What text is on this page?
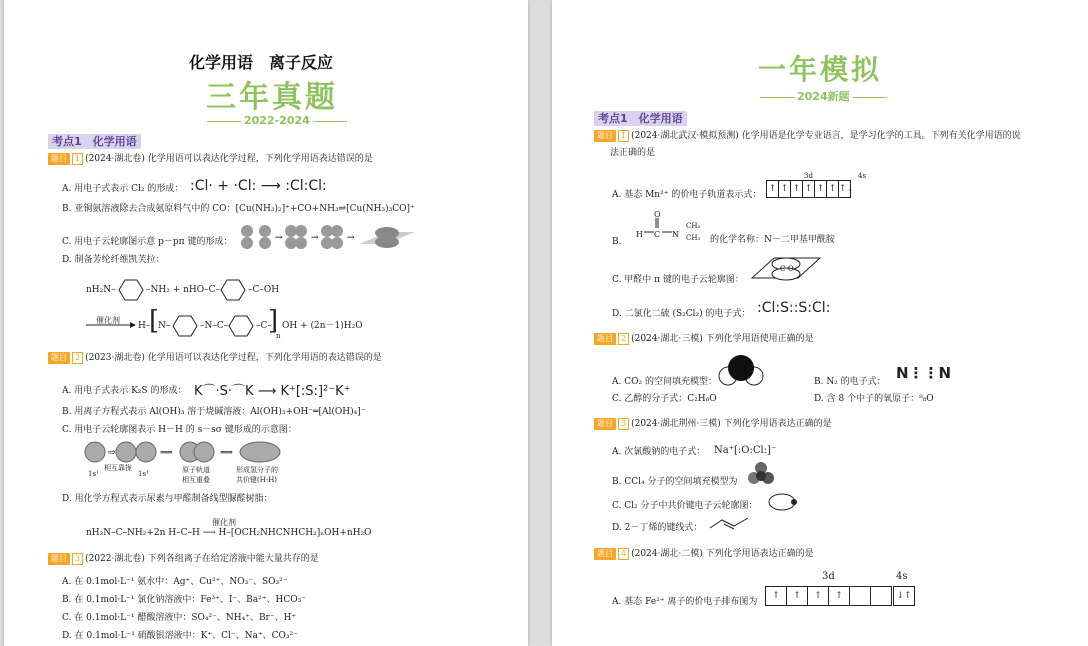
化学用语　离子反应
三年真题
2022-2024
考点1　化学用语
题目 1 (2024·湖北卷) 化学用语可以表达化学过程，下列化学用语表达错误的是
A. 用电子式表示 Cl₂ 的形成： :Cl· + ·Cl: ⟶ :Cl:Cl:
B. 亚铜氨溶液除去合成氨原料气中的 CO：[Cu(NH₃)₂]⁺+CO+NH₃⇌[Cu(NH₃)₃CO]⁺
C. 用电子云轮廓图示意 p－pπ 键的形成：	→	→	→
D. 制备芳纶纤维凯芙拉：
nH₂N–	–NH₂ + nHO–C–	–C–OH
催化剂
→ H–
[
N–	–N–C–	–C–
]
n
OH + (2n－1)H₂O
题目 2 (2023·湖北卷) 化学用语可以表达化学过程，下列化学用语的表达错误的是
A. 用电子式表示 K₂S 的形成： K⌒·S·⌒K ⟶ K⁺[:S:]²⁻K⁺
B. 用离子方程式表示 Al(OH)₃ 溶于烧碱溶液：Al(OH)₃+OH⁻═[Al(OH)₄]⁻
C. 用电子云轮廓图表示 H－H 的 s－sσ 键形成的示意图：
⇨	⟹	⟹
1s¹
相互靠拢
1s¹	原子轨道
相互重叠
形成氢分子的
共价键(H-H)
D. 用化学方程式表示尿素与甲醛制备线型脲醛树脂：
催化剂
nH₂N–C–NH₂+2n H–C–H ⟶ H–[OCH₂NHCNHCH₂]ₙOH+nH₂O
题目 3 (2022·湖北卷) 下列各组离子在给定溶液中能大量共存的是
A. 在 0.1mol·L⁻¹ 氨水中：Ag⁺、Cu²⁺、NO₃⁻、SO₃²⁻
B. 在 0.1mol·L⁻¹ 氯化钠溶液中：Fe³⁺、I⁻、Ba²⁺、HCO₃⁻
C. 在 0.1mol·L⁻¹ 醋酸溶液中：SO₄²⁻、NH₄⁺、Br⁻、H⁺
D. 在 0.1mol·L⁻¹ 硝酸银溶液中：K⁺、Cl⁻、Na⁺、CO₃²⁻
一年模拟
2024新题
考点1　化学用语
题目 1 (2024·湖北武汉·模拟预测) 化学用语是化学专业语言，是学习化学的工具。下列有关化学用语的说
法正确的是
3d	4s
A. 基态 Mn²⁺ 的价电子轨道表示式：
↑ ↑ ↑ ↑ ↑ ↑ ↑↓
B.
O
H C N
CH₃
CH₃ 的化学名称：N－二甲基甲酰胺
C. 甲醛中 π 键的电子云轮廓图：
C O
D. 二氯化二硫 (S₂Cl₂) 的电子式： :Cl:S::S:Cl:
题目 2 (2024·湖北·三模) 下列化学用语使用正确的是
A. CO₂ 的空间填充模型：	B. N₂ 的电子式： N⋮⋮N
C. 乙醇的分子式：C₂H₆O	D. 含 8 个中子的氧原子：⁸₈O
题目 3 (2024·湖北荆州·三模) 下列化学用语表达正确的是
A. 次氯酸钠的电子式： Na⁺[:O:Cl:]⁻
B. CCl₄ 分子的空间填充模型为
C. Cl₂ 分子中共价键电子云轮廓图：
D. 2－丁烯的键线式：
题目 4 (2024·湖北·二模) 下列化学用语表达正确的是
3d	4s
A. 基态 Fe²⁺ 离子的价电子排布图为
↑	↑	↑	↑	↓↑
